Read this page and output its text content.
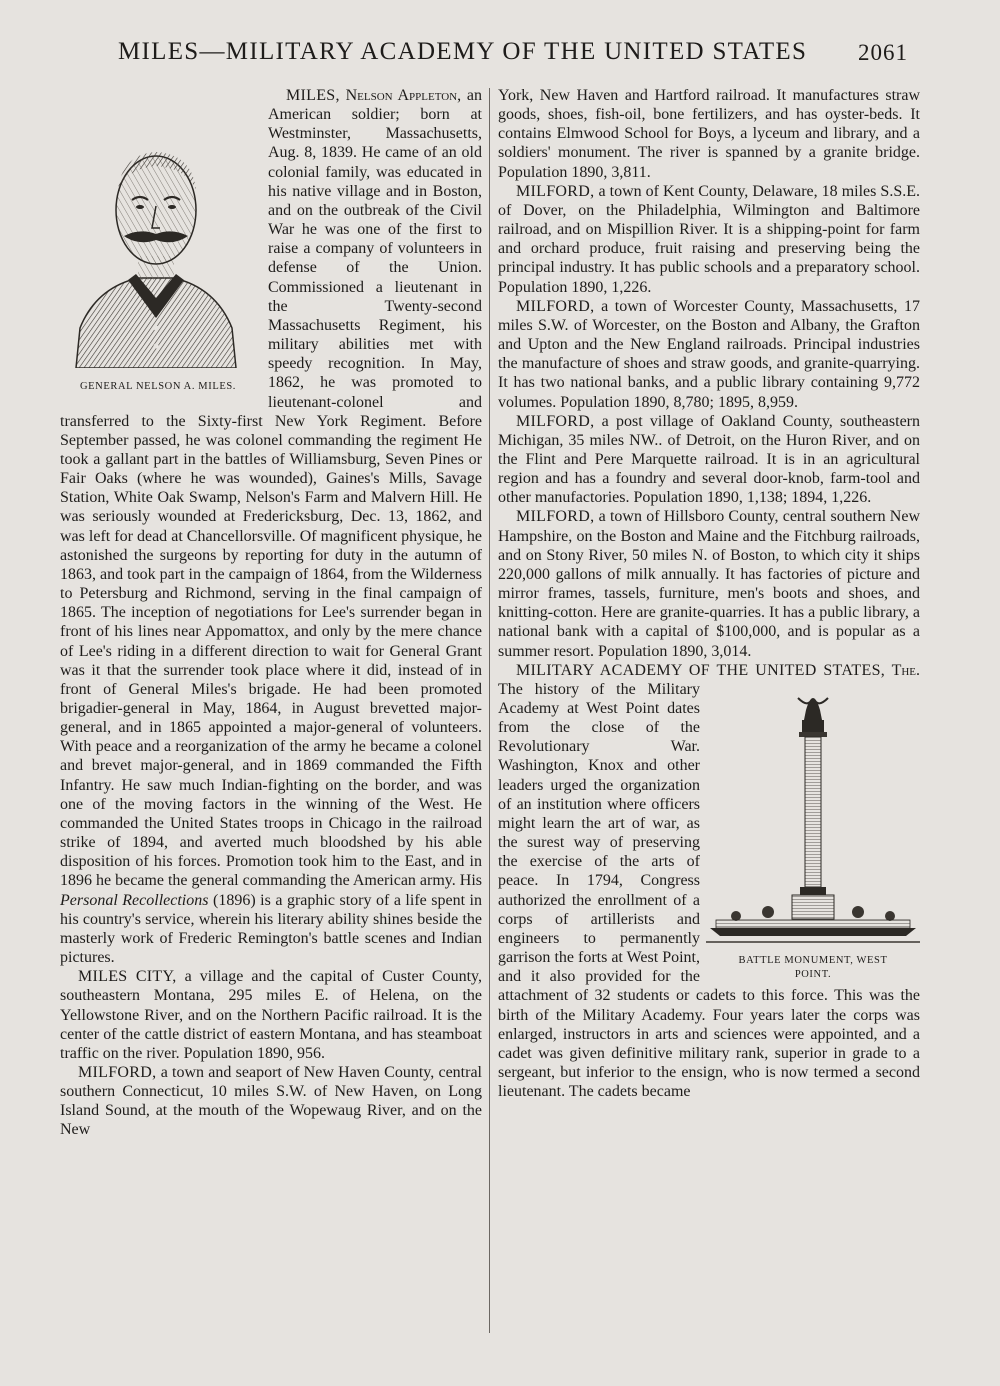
MILES—MILITARY ACADEMY OF THE UNITED STATES 2061
GENERAL NELSON A. MILES.

MILES, Nelson Appleton, an American soldier; born at Westminster, Massachusetts, Aug. 8, 1839. He came of an old colonial family, was educated in his native village and in Boston, and on the outbreak of the Civil War he was one of the first to raise a company of volunteers in defense of the Union. Commissioned a lieutenant in the Twenty-second Massachusetts Regiment, his military abilities met with speedy recognition. In May, 1862, he was promoted to lieutenant-colonel and transferred to the Sixty-first New York Regiment. Before September passed, he was colonel commanding the regiment He took a gallant part in the battles of Williamsburg, Seven Pines or Fair Oaks (where he was wounded), Gaines's Mills, Savage Station, White Oak Swamp, Nelson's Farm and Malvern Hill. He was seriously wounded at Fredericksburg, Dec. 13, 1862, and was left for dead at Chancellorsville. Of magnificent physique, he astonished the surgeons by reporting for duty in the autumn of 1863, and took part in the campaign of 1864, from the Wilderness to Petersburg and Richmond, serving in the final campaign of 1865. The inception of negotiations for Lee's surrender began in front of his lines near Appomattox, and only by the mere chance of Lee's riding in a different direction to wait for General Grant was it that the surrender took place where it did, instead of in front of General Miles's brigade. He had been promoted brigadier-general in May, 1864, in August brevetted major-general, and in 1865 appointed a major-general of volunteers. With peace and a reorganization of the army he became a colonel and brevet major-general, and in 1869 commanded the Fifth Infantry. He saw much Indian-fighting on the border, and was one of the moving factors in the winning of the West. He commanded the United States troops in Chicago in the railroad strike of 1894, and averted much bloodshed by his able disposition of his forces. Promotion took him to the East, and in 1896 he became the general commanding the American army. His Personal Recollections (1896) is a graphic story of a life spent in his country's service, wherein his literary ability shines beside the masterly work of Frederic Remington's battle scenes and Indian pictures.

MILES CITY, a village and the capital of Custer County, southeastern Montana, 295 miles E. of Helena, on the Yellowstone River, and on the Northern Pacific railroad. It is the center of the cattle district of eastern Montana, and has steamboat traffic on the river. Population 1890, 956.

MILFORD, a town and seaport of New Haven County, central southern Connecticut, 10 miles S.W. of New Haven, on Long Island Sound, at the mouth of the Wopewaug River, and on the New

York, New Haven and Hartford railroad. It manufactures straw goods, shoes, fish-oil, bone fertilizers, and has oyster-beds. It contains Elmwood School for Boys, a lyceum and library, and a soldiers' monument. The river is spanned by a granite bridge. Population 1890, 3,811.

MILFORD, a town of Kent County, Delaware, 18 miles S.S.E. of Dover, on the Philadelphia, Wilmington and Baltimore railroad, and on Mispillion River. It is a shipping-point for farm and orchard produce, fruit raising and preserving being the principal industry. It has public schools and a preparatory school. Population 1890, 1,226.

MILFORD, a town of Worcester County, Massachusetts, 17 miles S.W. of Worcester, on the Boston and Albany, the Grafton and Upton and the New England railroads. Principal industries the manufacture of shoes and straw goods, and granite-quarrying. It has two national banks, and a public library containing 9,772 volumes. Population 1890, 8,780; 1895, 8,959.

MILFORD, a post village of Oakland County, southeastern Michigan, 35 miles NW.. of Detroit, on the Huron River, and on the Flint and Pere Marquette railroad. It is in an agricultural region and has a foundry and several door-knob, farm-tool and other manufactories. Population 1890, 1,138; 1894, 1,226.

MILFORD, a town of Hillsboro County, central southern New Hampshire, on the Boston and Maine and the Fitchburg railroads, and on Stony River, 50 miles N. of Boston, to which city it ships 220,000 gallons of milk annually. It has factories of picture and mirror frames, tassels, furniture, men's boots and shoes, and knitting-cotton. Here are granite-quarries. It has a public library, a national bank with a capital of $100,000, and is popular as a summer resort. Population 1890, 3,014.

MILITARY ACADEMY OF THE UNITED STATES, The.
BATTLE MONUMENT, WEST
POINT.
The history of the Military Academy at West Point dates from the close of the Revolutionary War. Washington, Knox and other leaders urged the organization of an institution where officers might learn the art of war, as the surest way of preserving the exercise of the arts of peace. In 1794, Congress authorized the enrollment of a corps of artillerists and engineers to permanently garrison the forts at West Point, and it also provided for the attachment of 32 students or cadets to this force. This was the birth of the Military Academy. Four years later the corps was enlarged, instructors in arts and sciences were appointed, and a cadet was given definitive military rank, superior in grade to a sergeant, but inferior to the ensign, who is now termed a second lieutenant. The cadets became
